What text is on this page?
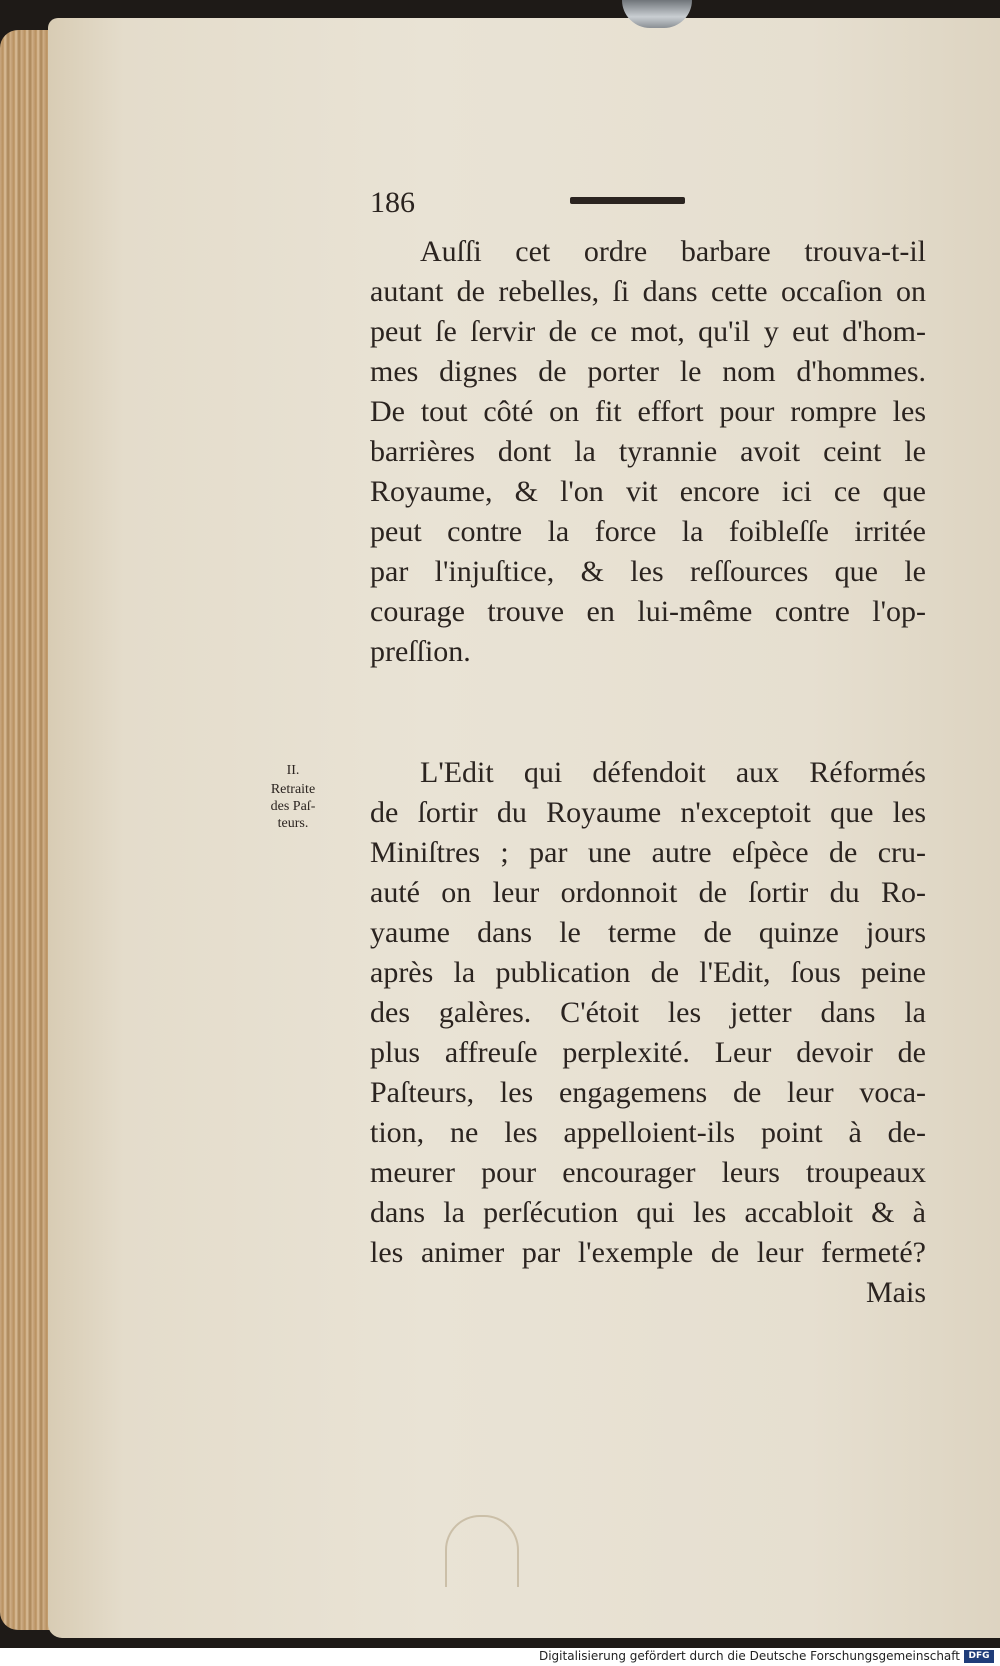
186
Auſſi cet ordre barbare trouva-t-il
autant de rebelles, ſi dans cette occaſion on
peut ſe ſervir de ce mot, qu'il y eut d'hom-
mes dignes de porter le nom d'hommes.
De tout côté on fit effort pour rompre les
barrières dont la tyrannie avoit ceint le
Royaume, & l'on vit encore ici ce que
peut contre la force la foibleſſe irritée
par l'injuſtice, & les reſſources que le
courage trouve en lui-même contre l'op-
preſſion.
II.
Retraite
des Paſ-
teurs.
L'Edit qui défendoit aux Réformés
de ſortir du Royaume n'exceptoit que les
Miniſtres ; par une autre eſpèce de cru-
auté on leur ordonnoit de ſortir du Ro-
yaume dans le terme de quinze jours
après la publication de l'Edit, ſous peine
des galères. C'étoit les jetter dans la
plus affreuſe perplexité. Leur devoir de
Paſteurs, les engagemens de leur voca-
tion, ne les appelloient-ils point à de-
meurer pour encourager leurs troupeaux
dans la perſécution qui les accabloit & à
les animer par l'exemple de leur fermeté?
Mais
Digitalisierung gefördert durch die Deutsche Forschungsgemeinschaft DFG
